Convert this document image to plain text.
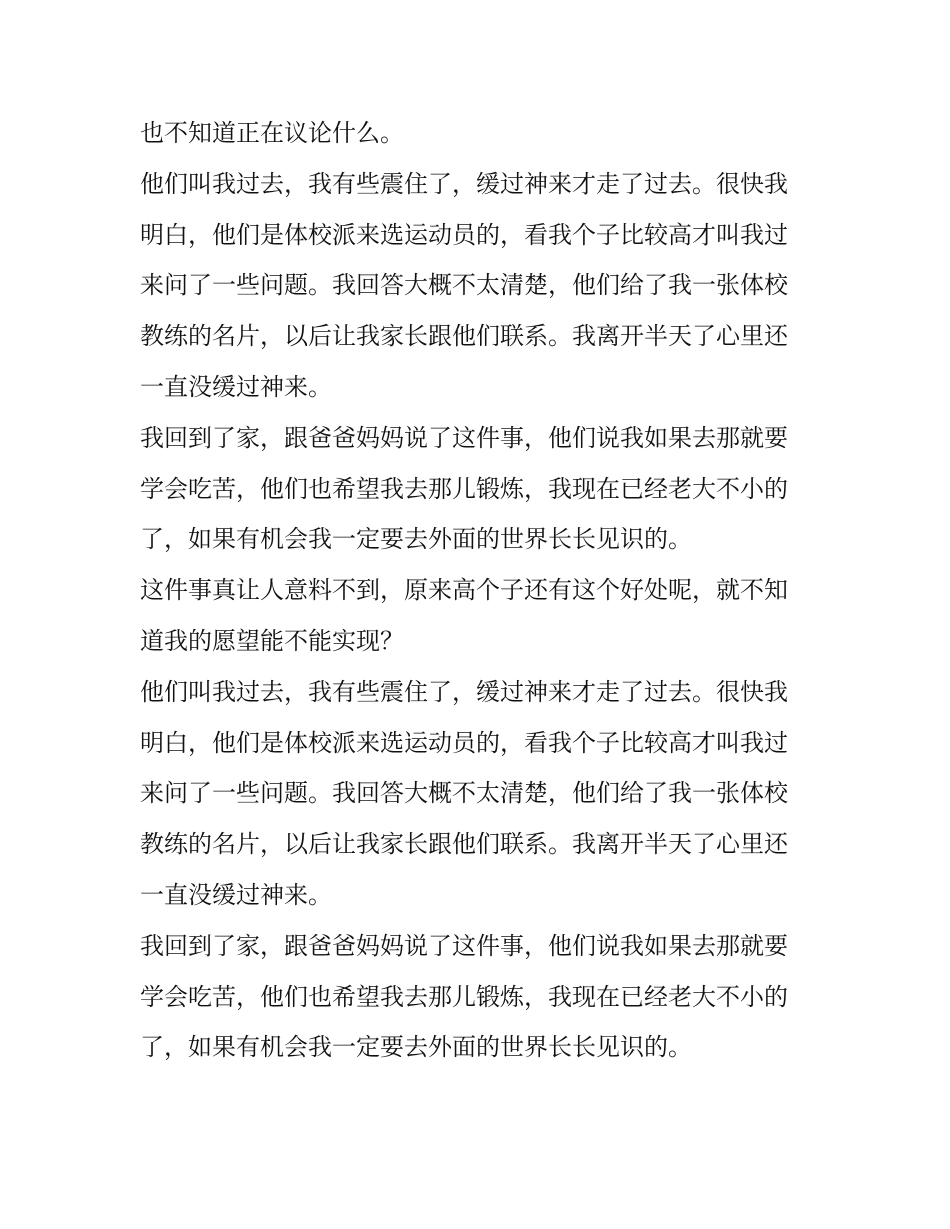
也不知道正在议论什么。
他们叫我过去，我有些震住了，缓过神来才走了过去。很快我
明白，他们是体校派来选运动员的，看我个子比较高才叫我过
来问了一些问题。我回答大概不太清楚，他们给了我一张体校
教练的名片，以后让我家长跟他们联系。我离开半天了心里还
一直没缓过神来。
我回到了家，跟爸爸妈妈说了这件事，他们说我如果去那就要
学会吃苦，他们也希望我去那儿锻炼，我现在已经老大不小的
了，如果有机会我一定要去外面的世界长长见识的。
这件事真让人意料不到，原来高个子还有这个好处呢，就不知
道我的愿望能不能实现？
他们叫我过去，我有些震住了，缓过神来才走了过去。很快我
明白，他们是体校派来选运动员的，看我个子比较高才叫我过
来问了一些问题。我回答大概不太清楚，他们给了我一张体校
教练的名片，以后让我家长跟他们联系。我离开半天了心里还
一直没缓过神来。
我回到了家，跟爸爸妈妈说了这件事，他们说我如果去那就要
学会吃苦，他们也希望我去那儿锻炼，我现在已经老大不小的
了，如果有机会我一定要去外面的世界长长见识的。
